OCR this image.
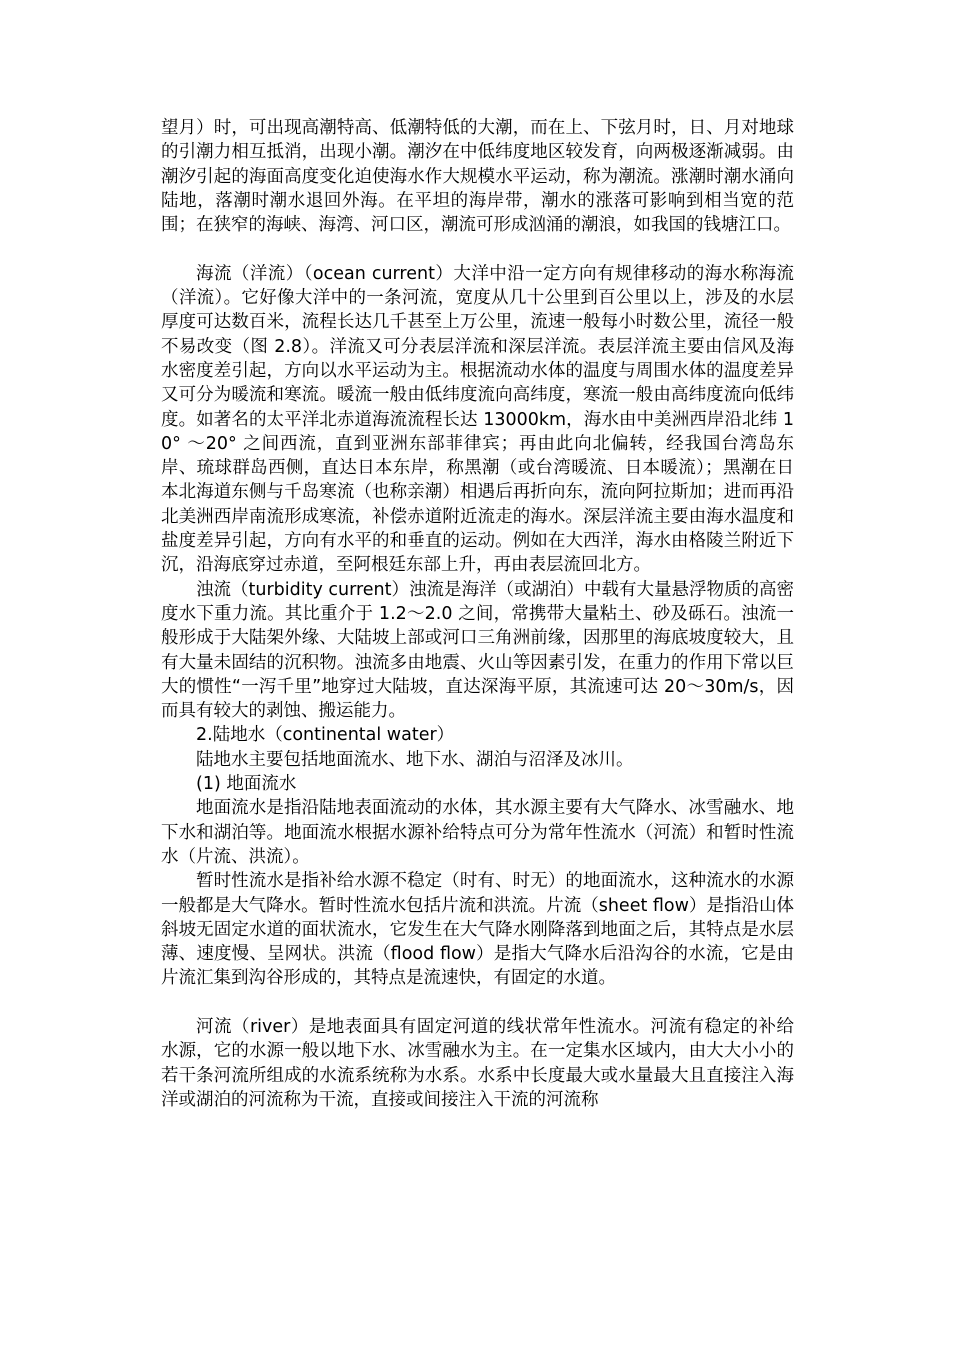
望月）时，可出现高潮特高、低潮特低的大潮，而在上、下弦月时，日、月对地球的引潮力相互抵消，出现小潮。潮汐在中低纬度地区较发育，向两极逐渐减弱。由潮汐引起的海面高度变化迫使海水作大规模水平运动，称为潮流。涨潮时潮水涌向陆地，落潮时潮水退回外海。在平坦的海岸带，潮水的涨落可影响到相当宽的范围；在狭窄的海峡、海湾、河口区，潮流可形成汹涌的潮浪，如我国的钱塘江口。

海流（洋流）（ocean current）大洋中沿一定方向有规律移动的海水称海流（洋流）。它好像大洋中的一条河流，宽度从几十公里到百公里以上，涉及的水层厚度可达数百米，流程长达几千甚至上万公里，流速一般每小时数公里，流径一般不易改变（图 2.8）。洋流又可分表层洋流和深层洋流。表层洋流主要由信风及海水密度差引起，方向以水平运动为主。根据流动水体的温度与周围水体的温度差异又可分为暖流和寒流。暖流一般由低纬度流向高纬度，寒流一般由高纬度流向低纬度。如著名的太平洋北赤道海流流程长达 13000km，海水由中美洲西岸沿北纬 10° ～20° 之间西流，直到亚洲东部菲律宾；再由此向北偏转，经我国台湾岛东岸、琉球群岛西侧，直达日本东岸，称黑潮（或台湾暖流、日本暖流）；黑潮在日本北海道东侧与千岛寒流（也称亲潮）相遇后再折向东，流向阿拉斯加；进而再沿北美洲西岸南流形成寒流，补偿赤道附近流走的海水。深层洋流主要由海水温度和盐度差异引起，方向有水平的和垂直的运动。例如在大西洋，海水由格陵兰附近下沉，沿海底穿过赤道，至阿根廷东部上升，再由表层流回北方。

浊流（turbidity current）浊流是海洋（或湖泊）中载有大量悬浮物质的高密度水下重力流。其比重介于 1.2～2.0 之间，常携带大量粘土、砂及砾石。浊流一般形成于大陆架外缘、大陆坡上部或河口三角洲前缘，因那里的海底坡度较大，且有大量未固结的沉积物。浊流多由地震、火山等因素引发，在重力的作用下常以巨大的惯性“一泻千里”地穿过大陆坡，直达深海平原，其流速可达 20～30m/s，因而具有较大的剥蚀、搬运能力。

2.陆地水（continental water）

陆地水主要包括地面流水、地下水、湖泊与沼泽及冰川。

(1) 地面流水

地面流水是指沿陆地表面流动的水体，其水源主要有大气降水、冰雪融水、地下水和湖泊等。地面流水根据水源补给特点可分为常年性流水（河流）和暂时性流水（片流、洪流）。

暂时性流水是指补给水源不稳定（时有、时无）的地面流水，这种流水的水源一般都是大气降水。暂时性流水包括片流和洪流。片流（sheet flow）是指沿山体斜坡无固定水道的面状流水，它发生在大气降水刚降落到地面之后，其特点是水层薄、速度慢、呈网状。洪流（flood flow）是指大气降水后沿沟谷的水流，它是由片流汇集到沟谷形成的，其特点是流速快，有固定的水道。

河流（river）是地表面具有固定河道的线状常年性流水。河流有稳定的补给水源，它的水源一般以地下水、冰雪融水为主。在一定集水区域内，由大大小小的若干条河流所组成的水流系统称为水系。水系中长度最大或水量最大且直接注入海洋或湖泊的河流称为干流，直接或间接注入干流的河流称
